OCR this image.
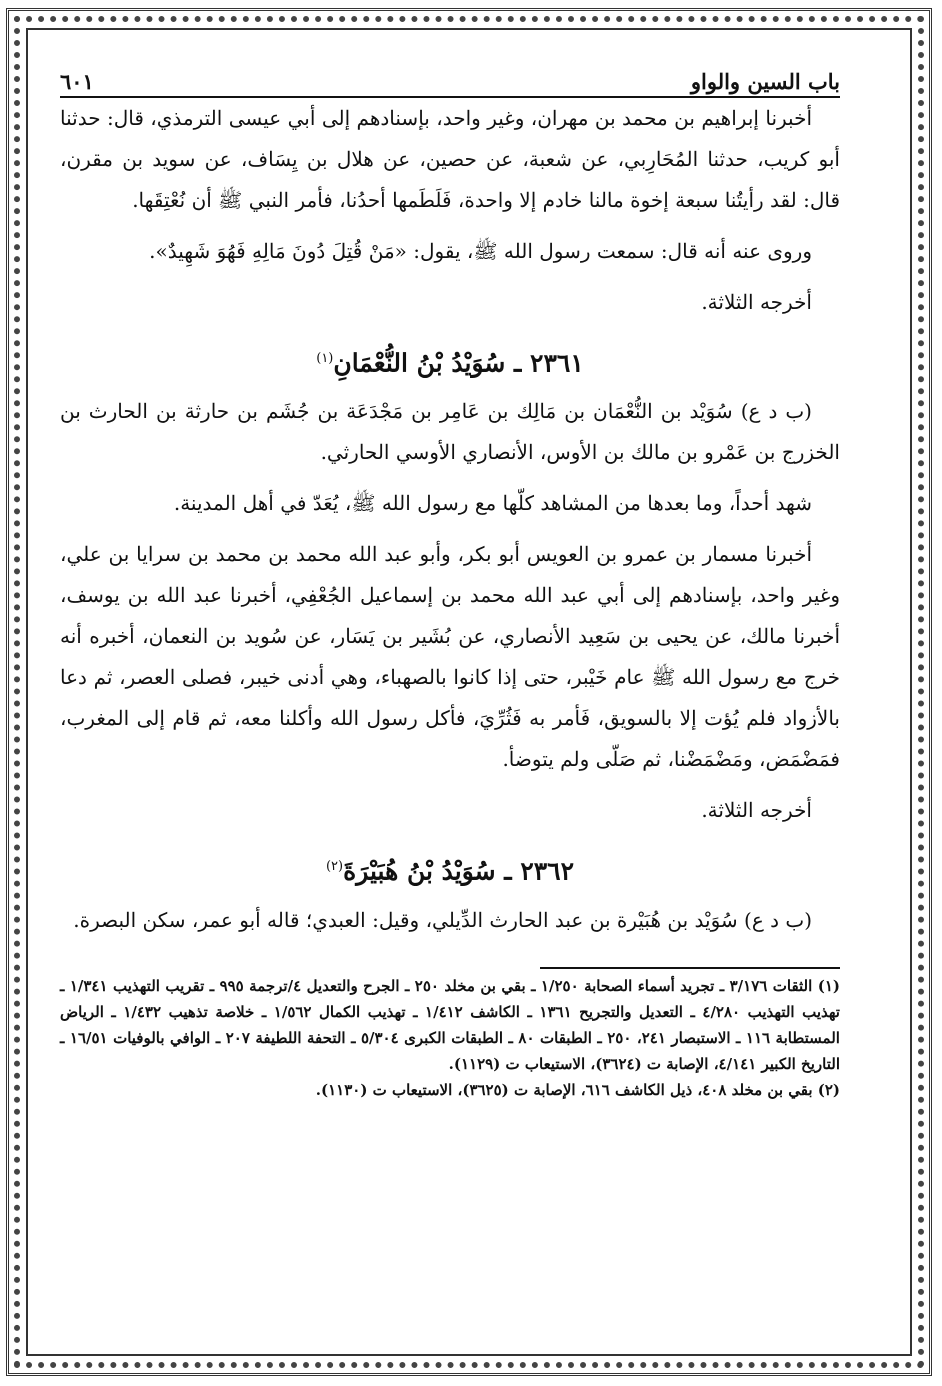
باب السين والواو
٦٠١

أخبرنا إبراهيم بن محمد بن مهران، وغير واحد، بإسنادهم إلى أبي عيسى الترمذي، قال: حدثنا أبو كريب، حدثنا المُحَارِبي، عن شعبة، عن حصين، عن هلال بن يِسَاف، عن سويد بن مقرن، قال: لقد رأيتُنا سبعة إخوة مالنا خادم إلا واحدة، فَلَطَمها أحدُنا، فأمر النبي ﷺ أن نُعْتِقَها.

وروى عنه أنه قال: سمعت رسول الله ﷺ، يقول: «مَنْ قُتِلَ دُونَ مَالِهِ فَهُوَ شَهِيدٌ».

أخرجه الثلاثة.

٢٣٦١ ـ سُوَيْدُ بْنُ النُّعْمَانِ$^{(١)}$

(ب د ع) سُوَيْد بن النُّعْمَان بن مَالِك بن عَامِر بن مَجْدَعَة بن جُشَم بن حارثة بن الحارث بن الخزرج بن عَمْرو بن مالك بن الأوس، الأنصاري الأوسي الحارثي.

شهد أحداً، وما بعدها من المشاهد كلّها مع رسول الله ﷺ، يُعَدّ في أهل المدينة.

أخبرنا مسمار بن عمرو بن العويس أبو بكر، وأبو عبد الله محمد بن محمد بن سرايا بن علي، وغير واحد، بإسنادهم إلى أبي عبد الله محمد بن إسماعيل الجُعْفِي، أخبرنا عبد الله بن يوسف، أخبرنا مالك، عن يحيى بن سَعِيد الأنصاري، عن بُشَير بن يَسَار، عن سُويد بن النعمان، أخبره أنه خرج مع رسول الله ﷺ عام خَيْبر، حتى إذا كانوا بالصهباء، وهي أدنى خيبر، فصلى العصر، ثم دعا بالأزواد فلم يُؤت إلا بالسويق، فَأمر به فَثُرِّيَ، فأكل رسول الله وأكلنا معه، ثم قام إلى المغرب، فمَضْمَض، ومَضْمَضْنا، ثم صَلّى ولم يتوضأ.

أخرجه الثلاثة.

٢٣٦٢ ـ سُوَيْدُ بْنُ هُبَيْرَةَ$^{(٢)}$

(ب د ع) سُوَيْد بن هُبَيْرة بن عبد الحارث الدِّيلي، وقيل: العبدي؛ قاله أبو عمر، سكن البصرة.

(١) الثقات ٣/١٧٦ ـ تجريد أسماء الصحابة ١/٢٥٠ ـ بقي بن مخلد ٢٥٠ ـ الجرح والتعديل ٤/ترجمة ٩٩٥ ـ تقريب التهذيب ١/٣٤١ ـ تهذيب التهذيب ٤/٢٨٠ ـ التعديل والتجريح ١٣٦١ ـ الكاشف ١/٤١٢ ـ تهذيب الكمال ١/٥٦٢ ـ خلاصة تذهيب ١/٤٣٢ ـ الرياض المستطابة ١١٦ ـ الاستبصار ٢٤١، ٢٥٠ ـ الطبقات ٨٠ ـ الطبقات الكبرى ٥/٣٠٤ ـ التحفة اللطيفة ٢٠٧ ـ الوافي بالوفيات ١٦/٥١ ـ التاريخ الكبير ٤/١٤١، الإصابة ت (٣٦٢٤)، الاستيعاب ت (١١٢٩).

(٢) بقي بن مخلد ٤٠٨، ذيل الكاشف ٦١٦، الإصابة ت (٣٦٢٥)، الاستيعاب ت (١١٣٠).
